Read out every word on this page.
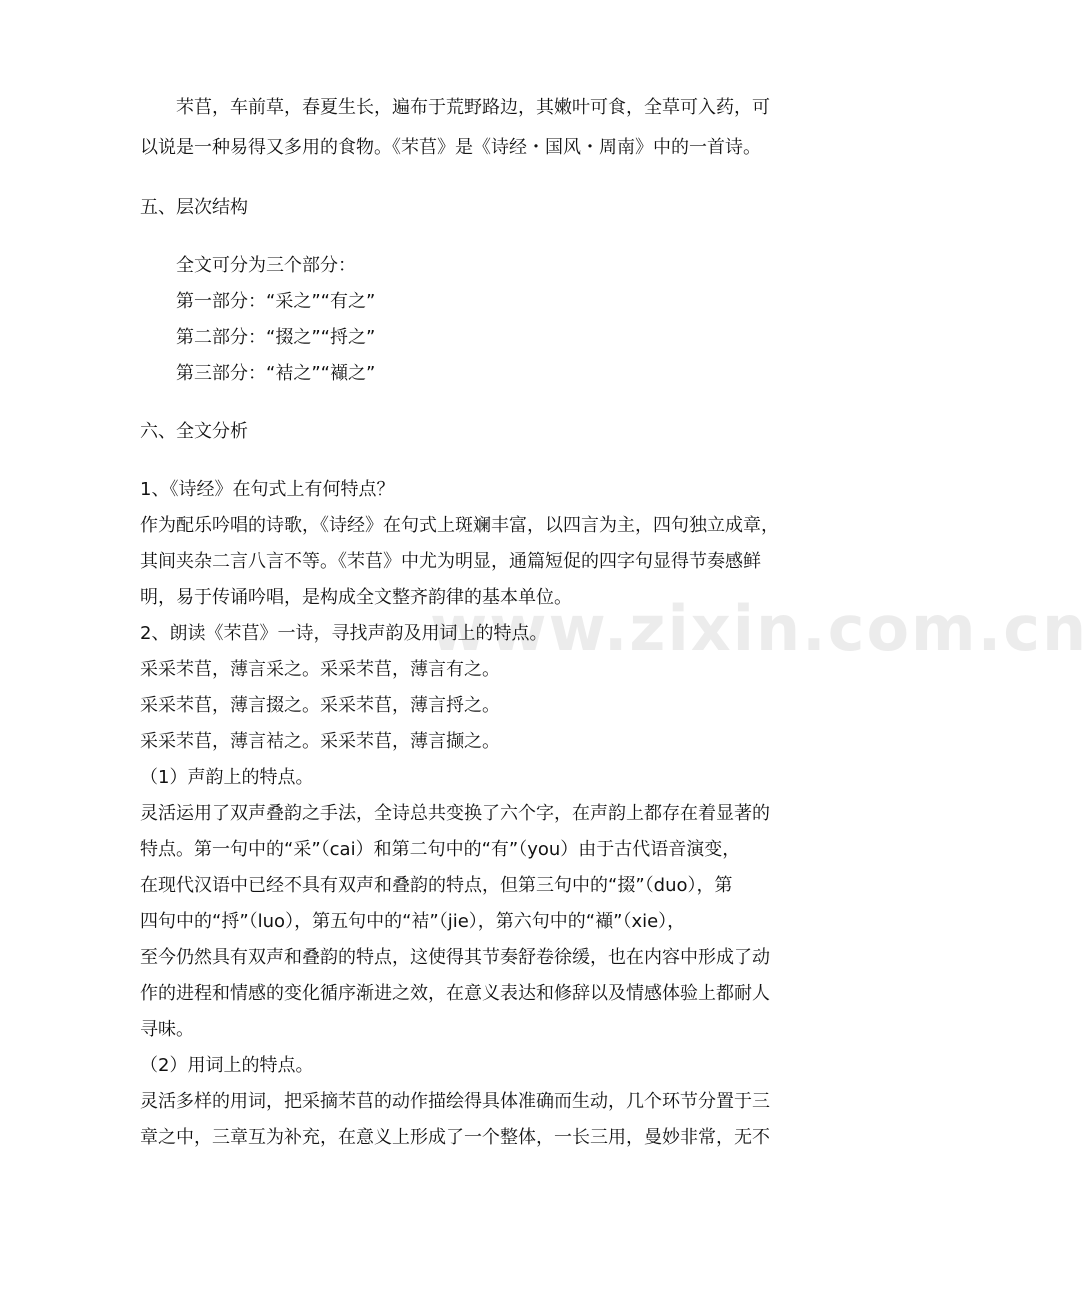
www.zixin.com.cn

芣苢，车前草，春夏生长，遍布于荒野路边，其嫩叶可食，全草可入药，可

以说是一种易得又多用的食物。《芣苢》是《诗经・国风・周南》中的一首诗。

五、层次结构

全文可分为三个部分：

第一部分：“采之”“有之”

第二部分：“掇之”“捋之”

第三部分：“袺之”“襭之”

六、全文分析

1、《诗经》在句式上有何特点？

作为配乐吟唱的诗歌，《诗经》在句式上斑斓丰富，以四言为主，四句独立成章，

其间夹杂二言八言不等。《芣苢》中尤为明显，通篇短促的四字句显得节奏感鲜

明，易于传诵吟唱，是构成全文整齐韵律的基本单位。

2、朗读《芣苢》一诗，寻找声韵及用词上的特点。

采采芣苢，薄言采之。采采芣苢，薄言有之。

采采芣苢，薄言掇之。采采芣苢，薄言捋之。

采采芣苢，薄言袺之。采采芣苢，薄言撷之。

（1）声韵上的特点。

灵活运用了双声叠韵之手法，全诗总共变换了六个字，在声韵上都存在着显著的

特点。第一句中的“采”（cai）和第二句中的“有”（you）由于古代语音演变，

在现代汉语中已经不具有双声和叠韵的特点，但第三句中的“掇”（duo），第

四句中的“捋”（luo），第五句中的“袺”（jie），第六句中的“襭”（xie），

至今仍然具有双声和叠韵的特点，这使得其节奏舒卷徐缓，也在内容中形成了动

作的进程和情感的变化循序渐进之效，在意义表达和修辞以及情感体验上都耐人

寻味。

（2）用词上的特点。

灵活多样的用词，把采摘芣苢的动作描绘得具体准确而生动，几个环节分置于三

章之中，三章互为补充，在意义上形成了一个整体，一长三用，曼妙非常，无不
